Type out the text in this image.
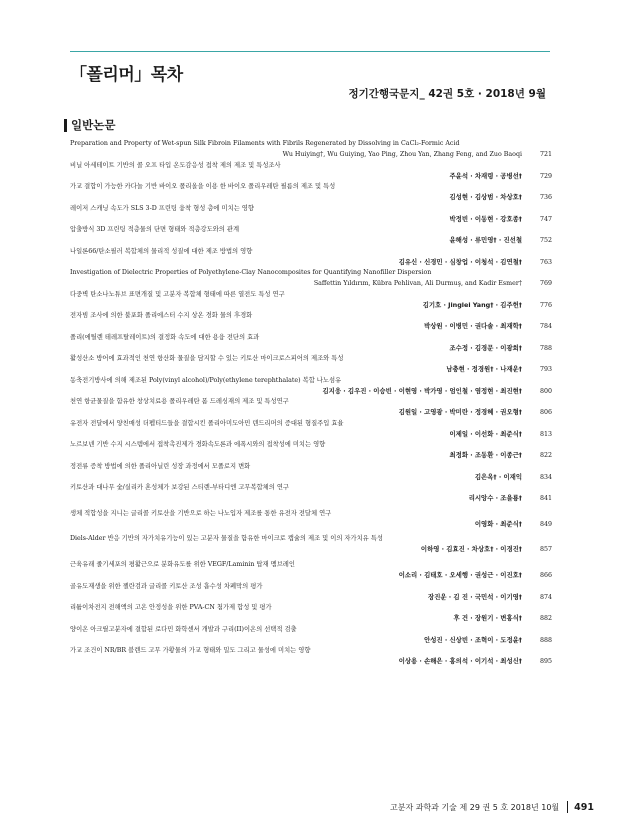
「폴리머」목차
정기간행국문지_ 42권 5호 · 2018년 9월
일반논문
Preparation and Property of Wet-spun Silk Fibroin Filaments with Fibrils Regenerated by Dissolving in CaCl₂-Formic Acid
Wu Huiying†, Wu Guiying, Yao Ping, Zhou Yan, Zhang Feng, and Zuo Baoqi	721
비닐 아세테이트 기반의 콜 오프 타입 온도감응성 접착 제의 제조 및 특성조사
주윤석 · 차재령 · 공병선†	729
가교 결합이 가능한 카다놀 기반 바이오 폴리올을 이용 한 바이오 폴리우레탄 필름의 제조 및 특성
김성현 · 김상범 · 차상호†	736
레이저 스캐닝 속도가 SLS 3-D 프린팅 융착 형성 층에 미치는 영향
박정빈 · 이동현 · 강호종†	747
압출방식 3D 프린팅 적층물의 단면 형태와 적층강도와의 관계
윤해성 · 류민영† · 진선철	752
나일론66/탄소필러 복합체의 물리적 성질에 대한 제조 방법의 영향
김유신 · 신경민 · 심창업 · 이청석 · 김연철†	763
Investigation of Dielectric Properties of Polyethylene-Clay Nanocomposites for Quantifying Nanofiller Dispersion
Saffettin Yıldırım, Kübra Pehlivan, Ali Durmuş, and Kadir Esmer†	769
다중벽 탄소나노튜브 표면개질 및 고분자 복합체 형태에 따른 열전도 특성 연구
김기호 · Jinglei Yang† · 김주헌†	776
전자빔 조사에 의한 불포화 폴리에스터 수지 상온 경화 물의 후경화
박상원 · 이병민 · 권다솔 · 최재학†	784
폴리(에틸렌 테레프탈레이트)의 결정화 속도에 대한 용융 전단의 효과
조수정 · 김경문 · 이광희†	788
활성산소 방어에 효과적인 천연 항산화 물질을 담지할 수 있는 키토산 마이크로스피어의 제조와 특성
남충현 · 정경원† · 나재운†	793
동축전기방사에 의해 제조된 Poly(vinyl alcohol)/Poly(ethylene terephthalate) 복합 나노섬유
김지웅 · 김우진 · 이승빈 · 이현영 · 박가영 · 엄인철 · 염정현 · 최진현†	800
천연 항균물질을 함유한 창상치료용 폴리우레탄 폼 드레싱재의 제조 및 특성연구
김원일 · 고영광 · 박미란 · 정경혜 · 권오형†	806
유전자 전달에서 양친매성 더펩티드들을 결합시킨 폴리아미도아민 덴드리머의 증대된 형질주입 효율
이제일 · 이선화 · 최준식†	813
노르보넨 기반 수지 시스템에서 접착촉진제가 경화속도론과 에폭시와의 접착성에 미치는 영향
최정화 · 조동환 · 이종근†	822
정전류 증착 방법에 의한 폴리아닐린 성장 과정에서 모폴로지 변화
김은옥† · 이재익	834
키토산과 대나무 숯/실리카 혼성체가 보강된 스티렌-부타디엔 고무복합체의 연구
리시앙수 · 조을룡†	841
생체 적합성을 지니는 글리콜 키토산을 기반으로 하는 나노입자 제조를 통한 유전자 전달체 연구
이영화 · 최준식†	849
Diels-Alder 반응 기반의 자가치유기능이 있는 고분자 물질을 함유한 마이크로 캡슐의 제조 및 이의 자가치유 특성
이하영 · 김효진 · 차상호† · 이경진†	857
근육유래 줄기세포의 평활근으로 분화유도를 위한 VEGF/Laminin 탑재 멤브레인
이소리 · 김태호 · 오세행 · 권성근 · 이진호†	866
골유도재생을 위한 젤란검과 글리콜 키토산 조성 흡수성 차폐막의 평가
장진운 · 김 진 · 국민석 · 이기영†	874
리튬이차전지 전해액의 고온 안정성을 위한 PVA-CN 첨가제 합성 및 평가
후 건 · 장원기 · 변홍식†	882
양이온 아크릴고분자에 결합된 로다민 화학센서 개발과 구리(II)이온의 선택적 검출
안성진 · 신상빈 · 조혁이 · 도정윤†	888
가교 조건이 NR/BR 블렌드 고무 가황물의 가교 형태와 밀도 그리고 물성에 미치는 영향
이상용 · 손해은 · 홍의석 · 이기석 · 최성신†	895
고분자 과학과 기술 제 29 권 5 호 2018년 10월 491
